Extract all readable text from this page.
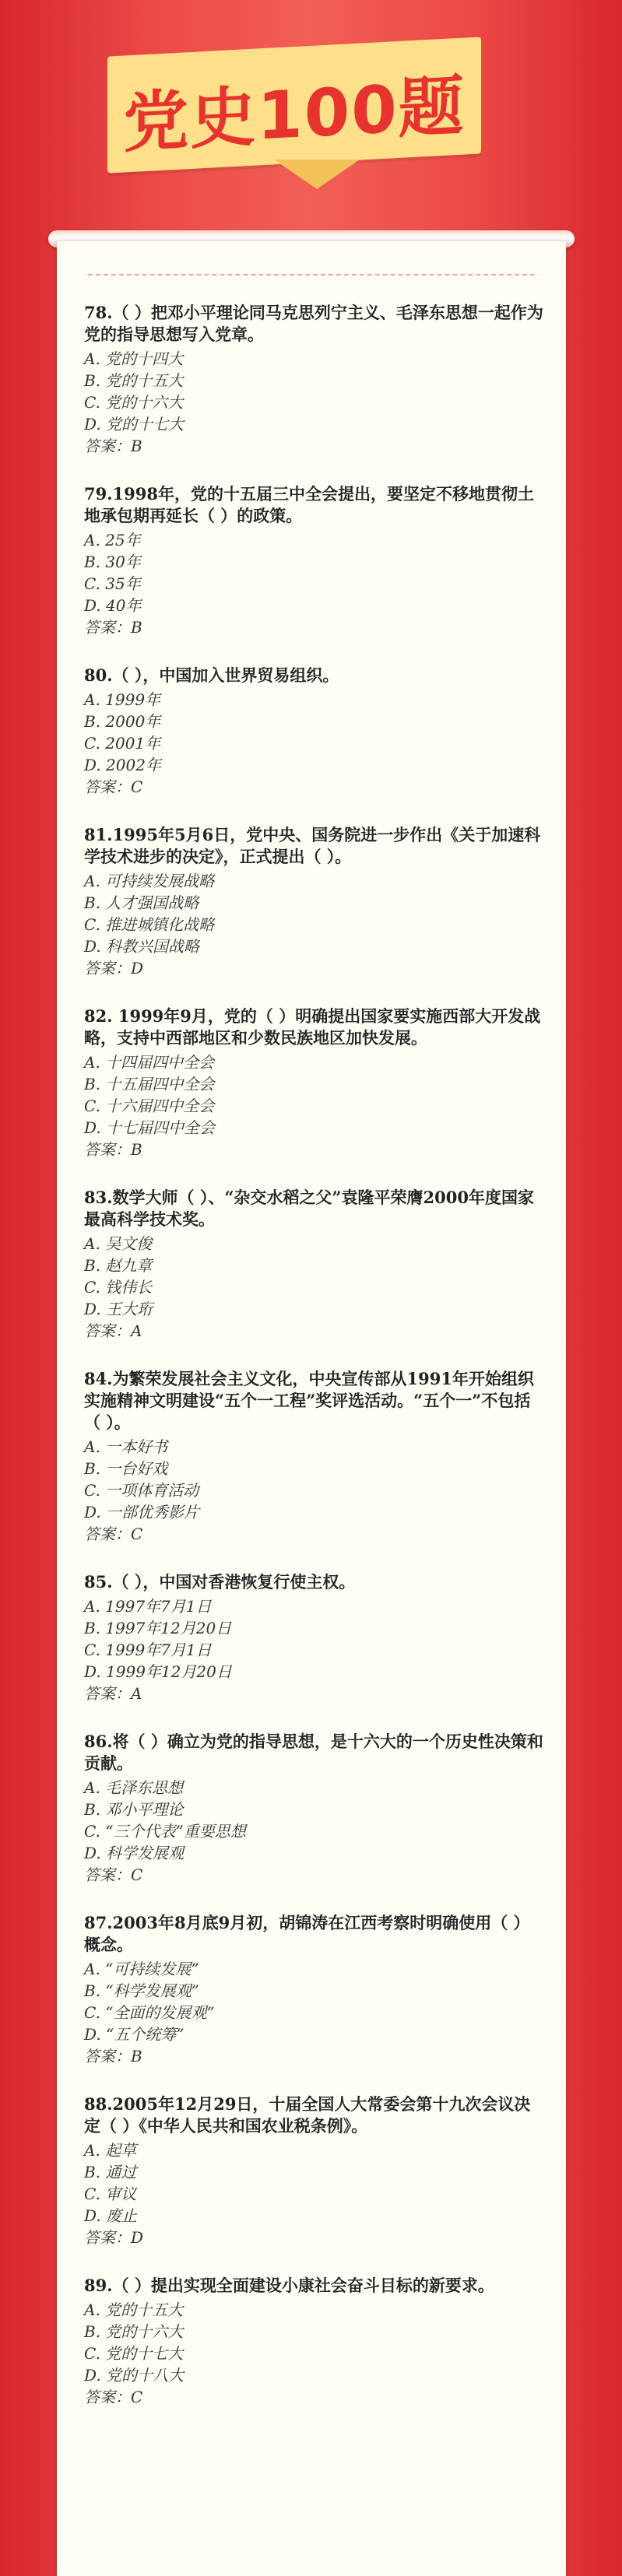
党史100题
78.（ ）把邓小平理论同马克思列宁主义、毛泽东思想一起作为党的指导思想写入党章。
A. 党的十四大
B. 党的十五大
C. 党的十六大
D. 党的十七大
答案：B
79.1998年，党的十五届三中全会提出，要坚定不移地贯彻土地承包期再延长（ ）的政策。
A. 25年
B. 30年
C. 35年
D. 40年
答案：B
80.（ ），中国加入世界贸易组织。
A. 1999年
B. 2000年
C. 2001年
D. 2002年
答案：C
81.1995年5月6日，党中央、国务院进一步作出《关于加速科学技术进步的决定》，正式提出（ ）。
A. 可持续发展战略
B. 人才强国战略
C. 推进城镇化战略
D. 科教兴国战略
答案：D
82. 1999年9月，党的（ ）明确提出国家要实施西部大开发战略，支持中西部地区和少数民族地区加快发展。
A. 十四届四中全会
B. 十五届四中全会
C. 十六届四中全会
D. 十七届四中全会
答案：B
83.数学大师（ ）、“杂交水稻之父”袁隆平荣膺2000年度国家最高科学技术奖。
A. 吴文俊
B. 赵九章
C. 钱伟长
D. 王大珩
答案：A
84.为繁荣发展社会主义文化，中央宣传部从1991年开始组织实施精神文明建设“五个一工程”奖评选活动。“五个一”不包括（ ）。
A. 一本好书
B. 一台好戏
C. 一项体育活动
D. 一部优秀影片
答案：C
85.（ ），中国对香港恢复行使主权。
A. 1997年7月1日
B. 1997年12月20日
C. 1999年7月1日
D. 1999年12月20日
答案：A
86.将（ ）确立为党的指导思想，是十六大的一个历史性决策和贡献。
A. 毛泽东思想
B. 邓小平理论
C. “三个代表”重要思想
D. 科学发展观
答案：C
87.2003年8月底9月初，胡锦涛在江西考察时明确使用（ ）概念。
A. “可持续发展”
B. “科学发展观”
C. “全面的发展观”
D. “五个统筹”
答案：B
88.2005年12月29日，十届全国人大常委会第十九次会议决定（ ）《中华人民共和国农业税条例》。
A. 起草
B. 通过
C. 审议
D. 废止
答案：D
89.（ ）提出实现全面建设小康社会奋斗目标的新要求。
A. 党的十五大
B. 党的十六大
C. 党的十七大
D. 党的十八大
答案：C
